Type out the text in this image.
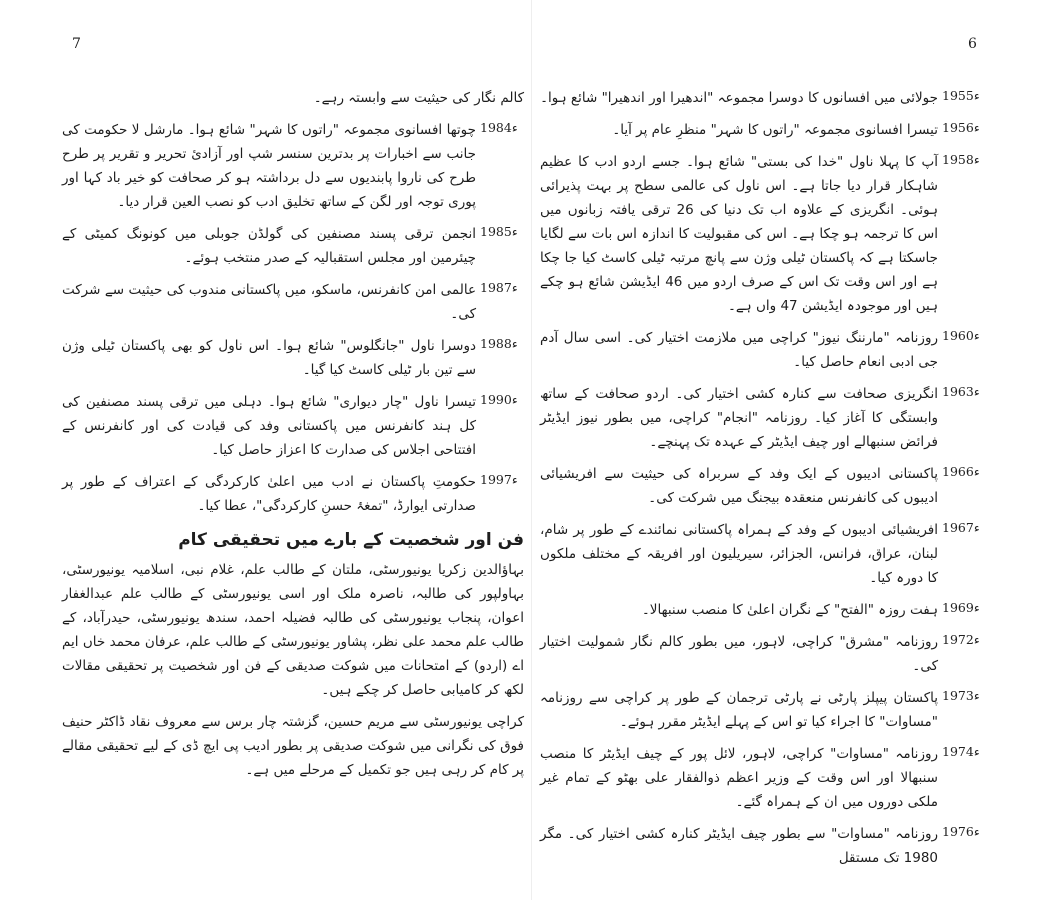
7	6

کالم نگار کی حیثیت سے وابستہ رہے۔

1984ء
چوتھا افسانوی مجموعہ "راتوں کا شہر" شائع ہوا۔ مارشل لا حکومت کی جانب سے اخبارات پر بدترین سنسر شپ اور آزادئ تحریر و تقریر پر طرح طرح کی ناروا پابندیوں سے دل برداشتہ ہو کر صحافت کو خیر باد کہا اور پوری توجہ اور لگن کے ساتھ تخلیق ادب کو نصب العین قرار دیا۔
1985ء
انجمن ترقی پسند مصنفین کی گولڈن جوبلی میں کونونگ کمیٹی کے چیئرمین اور مجلس استقبالیہ کے صدر منتخب ہوئے۔
1987ء
عالمی امن کانفرنس، ماسکو، میں پاکستانی مندوب کی حیثیت سے شرکت کی۔
1988ء
دوسرا ناول "جانگلوس" شائع ہوا۔ اس ناول کو بھی پاکستان ٹیلی وژن سے تین بار ٹیلی کاسٹ کیا گیا۔
1990ء
تیسرا ناول "چار دیواری" شائع ہوا۔ دہلی میں ترقی پسند مصنفین کی کل ہند کانفرنس میں پاکستانی وفد کی قیادت کی اور کانفرنس کے افتتاحی اجلاس کی صدارت کا اعزاز حاصل کیا۔
1997ء
حکومتِ پاکستان نے ادب میں اعلیٰ کارکردگی کے اعتراف کے طور پر صدارتی ایوارڈ، "تمغۂ حسنِ کارکردگی"، عطا کیا۔
فن اور شخصیت کے بارے میں تحقیقی کام

بہاؤالدین زکریا یونیورسٹی، ملتان کے طالب علم، غلام نبی، اسلامیہ یونیورسٹی، بہاولپور کی طالبہ، ناصرہ ملک اور اسی یونیورسٹی کے طالب علم عبدالغفار اعوان، پنجاب یونیورسٹی کی طالبہ فضیلہ احمد، سندھ یونیورسٹی، حیدرآباد، کے طالب علم محمد علی نظر، پشاور یونیورسٹی کے طالب علم، عرفان محمد خاں ایم اے (اردو) کے امتحانات میں شوکت صدیقی کے فن اور شخصیت پر تحقیقی مقالات لکھ کر کامیابی حاصل کر چکے ہیں۔

کراچی یونیورسٹی سے مریم حسین، گزشتہ چار برس سے معروف نقاد ڈاکٹر حنیف فوق کی نگرانی میں شوکت صدیقی پر بطور ادیب پی ایچ ڈی کے لیے تحقیقی مقالے پر کام کر رہی ہیں جو تکمیل کے مرحلے میں ہے۔

1955ء
جولائی میں افسانوں کا دوسرا مجموعہ "اندھیرا اور اندھیرا" شائع ہوا۔
1956ء
تیسرا افسانوی مجموعہ "راتوں کا شہر" منظرِ عام پر آیا۔
1958ء
آپ کا پہلا ناول "خدا کی بستی" شائع ہوا۔ جسے اردو ادب کا عظیم شاہکار قرار دیا جاتا ہے۔ اس ناول کی عالمی سطح پر بہت پذیرائی ہوئی۔ انگریزی کے علاوہ اب تک دنیا کی 26 ترقی یافتہ زبانوں میں اس کا ترجمہ ہو چکا ہے۔ اس کی مقبولیت کا اندازہ اس بات سے لگایا جاسکتا ہے کہ پاکستان ٹیلی وژن سے پانچ مرتبہ ٹیلی کاسٹ کیا جا چکا ہے اور اس وقت تک اس کے صرف اردو میں 46 ایڈیشن شائع ہو چکے ہیں اور موجودہ ایڈیشن 47 واں ہے۔
1960ء
روزنامہ "مارننگ نیوز" کراچی میں ملازمت اختیار کی۔ اسی سال آدم جی ادبی انعام حاصل کیا۔
1963ء
انگریزی صحافت سے کنارہ کشی اختیار کی۔ اردو صحافت کے ساتھ وابستگی کا آغاز کیا۔ روزنامہ "انجام" کراچی، میں بطور نیوز ایڈیٹر فرائض سنبھالے اور چیف ایڈیٹر کے عہدہ تک پہنچے۔
1966ء
پاکستانی ادیبوں کے ایک وفد کے سربراہ کی حیثیت سے افریشیائی ادیبوں کی کانفرنس منعقدہ بیجنگ میں شرکت کی۔
1967ء
افریشیائی ادیبوں کے وفد کے ہمراہ پاکستانی نمائندے کے طور پر شام، لبنان، عراق، فرانس، الجزائر، سیریلیون اور افریقہ کے مختلف ملکوں کا دورہ کیا۔
1969ء
ہفت روزہ "الفتح" کے نگران اعلیٰ کا منصب سنبھالا۔
1972ء
روزنامہ "مشرق" کراچی، لاہور، میں بطور کالم نگار شمولیت اختیار کی۔
1973ء
پاکستان پیپلز پارٹی نے پارٹی ترجمان کے طور پر کراچی سے روزنامہ "مساوات" کا اجراء کیا تو اس کے پہلے ایڈیٹر مقرر ہوئے۔
1974ء
روزنامہ "مساوات" کراچی، لاہور، لائل پور کے چیف ایڈیٹر کا منصب سنبھالا اور اس وقت کے وزیر اعظم ذوالفقار علی بھٹو کے تمام غیر ملکی دوروں میں ان کے ہمراہ گئے۔
1976ء
روزنامہ "مساوات" سے بطور چیف ایڈیٹر کنارہ کشی اختیار کی۔ مگر 1980 تک مستقل
